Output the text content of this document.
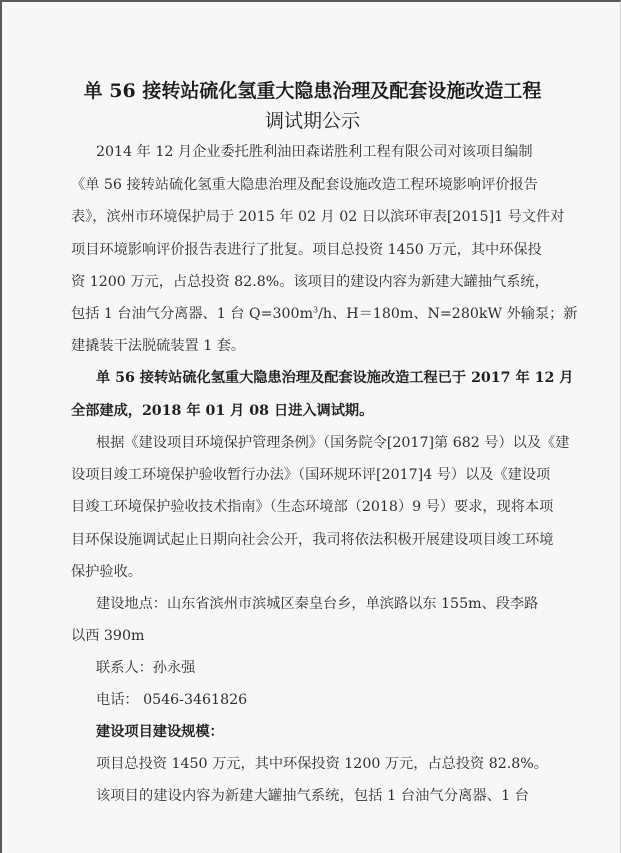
单 56 接转站硫化氢重大隐患治理及配套设施改造工程
调试期公示
2014 年 12 月企业委托胜利油田森诺胜利工程有限公司对该项目编制
《单 56 接转站硫化氢重大隐患治理及配套设施改造工程环境影响评价报告
表》，滨州市环境保护局于 2015 年 02 月 02 日以滨环审表[2015]1 号文件对
项目环境影响评价报告表进行了批复。项目总投资 1450 万元，其中环保投
资 1200 万元，占总投资 82.8%。该项目的建设内容为新建大罐抽气系统，
包括 1 台油气分离器、1 台 $Q=300m^3/h$、H＝180m、N=280kW 外输泵；新
建撬装干法脱硫装置 1 套。
单 56 接转站硫化氢重大隐患治理及配套设施改造工程已于 2017 年 12 月
全部建成，2018 年 01 月 08 日进入调试期。
根据《建设项目环境保护管理条例》（国务院令[2017]第 682 号）以及《建
设项目竣工环境保护验收暂行办法》（国环规环评[2017]4 号）以及《建设项
目竣工环境保护验收技术指南》（生态环境部（2018）9 号）要求，现将本项
目环保设施调试起止日期向社会公开，我司将依法积极开展建设项目竣工环境
保护验收。
建设地点：山东省滨州市滨城区秦皇台乡，单滨路以东 155m、段李路
以西 390m
联系人：孙永强
电话： 0546-3461826
建设项目建设规模：
项目总投资 1450 万元，其中环保投资 1200 万元，占总投资 82.8%。
该项目的建设内容为新建大罐抽气系统，包括 1 台油气分离器、1 台
